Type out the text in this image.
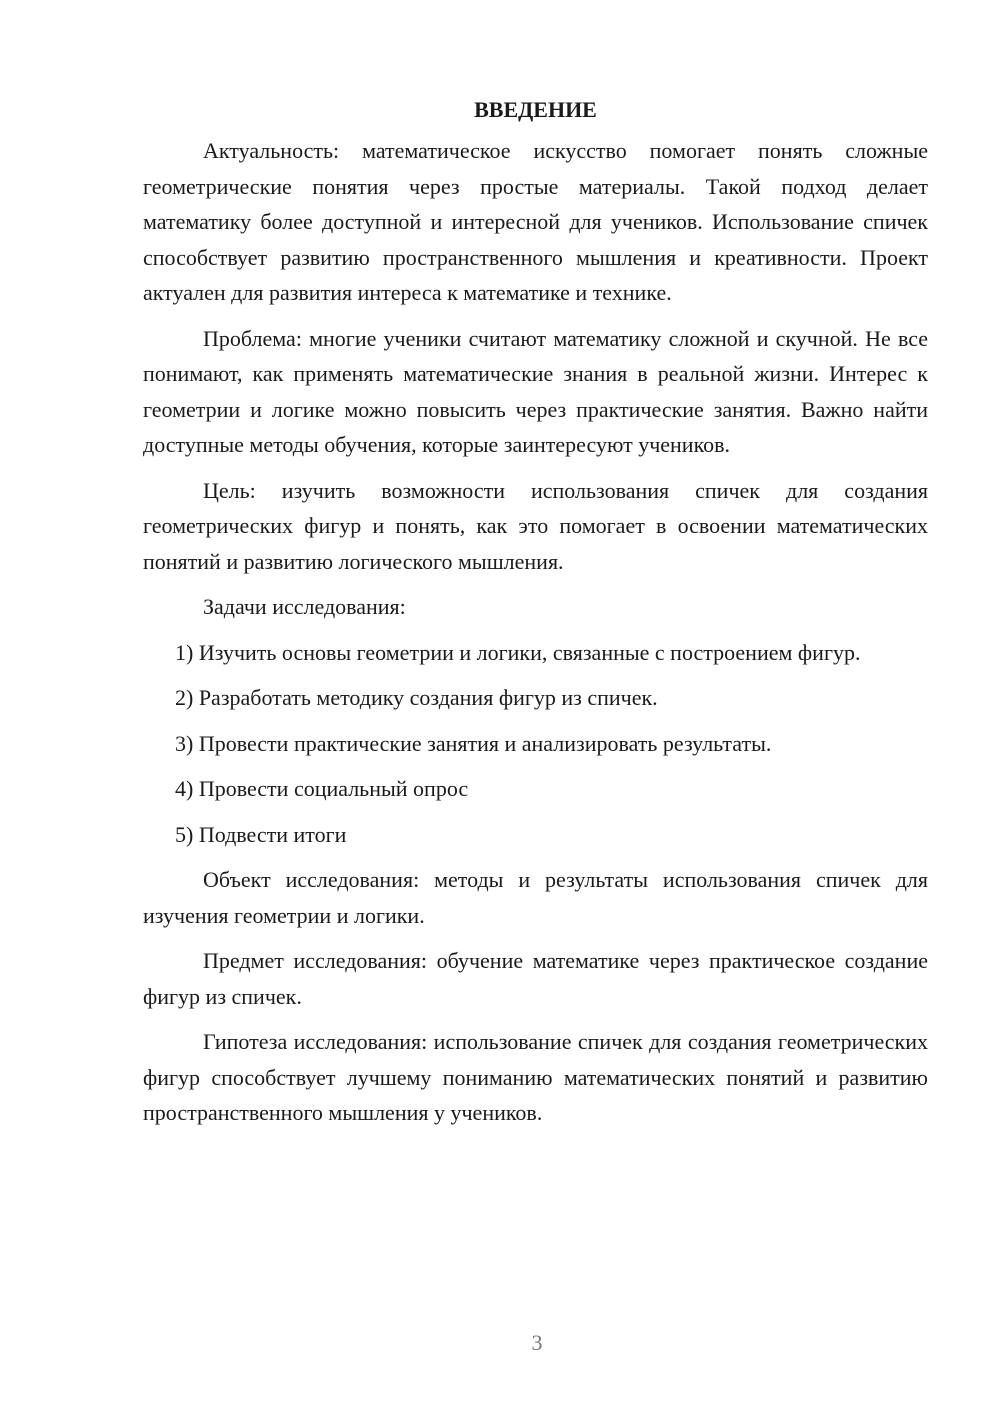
ВВЕДЕНИЕ

Актуальность: математическое искусство помогает понять сложные геометрические понятия через простые материалы. Такой подход делает математику более доступной и интересной для учеников. Использование спичек способствует развитию пространственного мышления и креативности. Проект актуален для развития интереса к математике и технике.

Проблема: многие ученики считают математику сложной и скучной. Не все понимают, как применять математические знания в реальной жизни. Интерес к геометрии и логике можно повысить через практические занятия. Важно найти доступные методы обучения, которые заинтересуют учеников.

Цель: изучить возможности использования спичек для создания геометрических фигур и понять, как это помогает в освоении математических понятий и развитию логического мышления.

Задачи исследования:

1) Изучить основы геометрии и логики, связанные с построением фигур.

2) Разработать методику создания фигур из спичек.

3) Провести практические занятия и анализировать результаты.

4) Провести социальный опрос

5) Подвести итоги

Объект исследования: методы и результаты использования спичек для изучения геометрии и логики.

Предмет исследования: обучение математике через практическое создание фигур из спичек.

Гипотеза исследования: использование спичек для создания геометрических фигур способствует лучшему пониманию математических понятий и развитию пространственного мышления у учеников.

3
